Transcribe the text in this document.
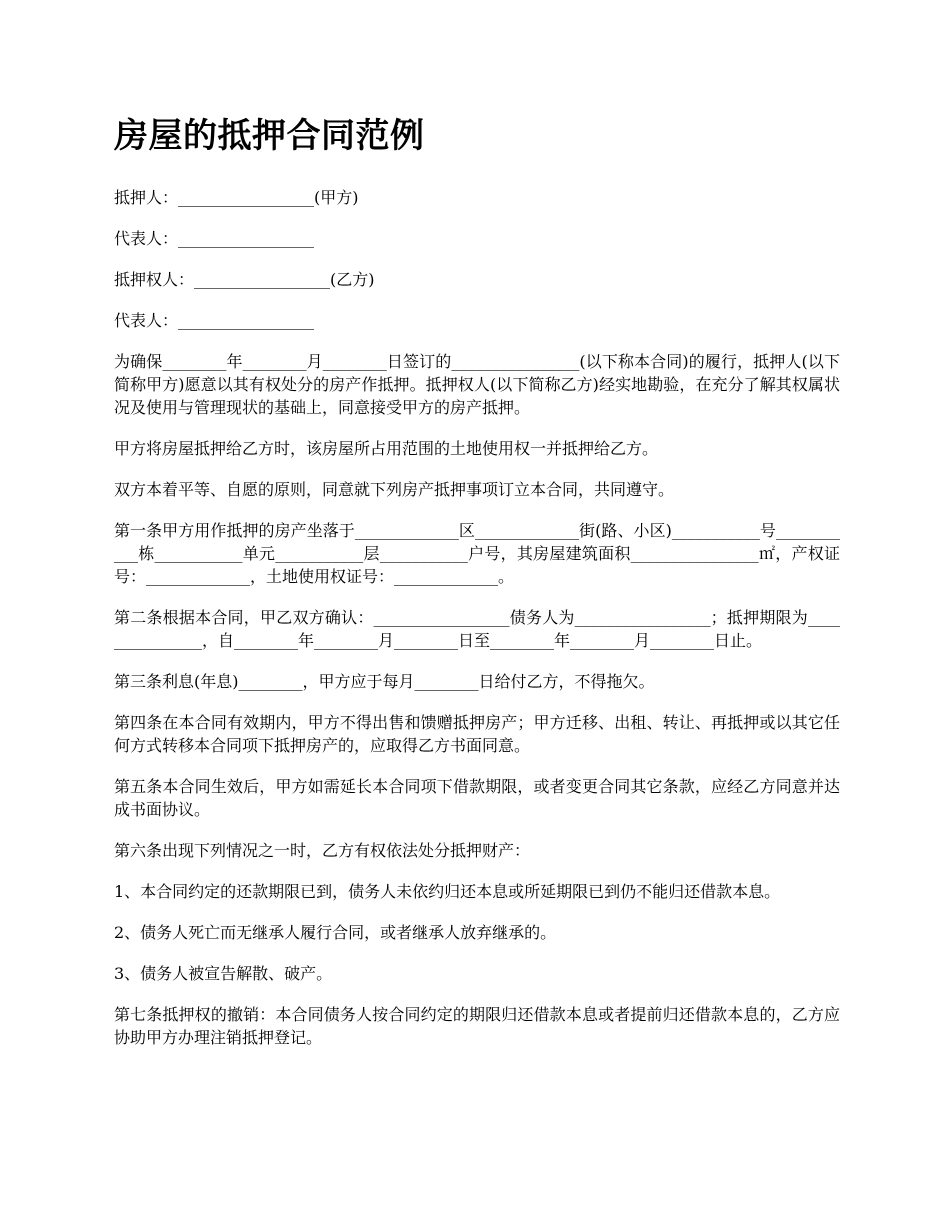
房屋的抵押合同范例

抵押人：_________________(甲方)

代表人：_________________

抵押权人：_________________(乙方)

代表人：_________________

为确保________年________月________日签订的________________(以下称本合同)的履行，抵押人(以下简称甲方)愿意以其有权处分的房产作抵押。抵押权人(以下简称乙方)经实地勘验，在充分了解其权属状况及使用与管理现状的基础上，同意接受甲方的房产抵押。

甲方将房屋抵押给乙方时，该房屋所占用范围的土地使用权一并抵押给乙方。

双方本着平等、自愿的原则，同意就下列房产抵押事项订立本合同，共同遵守。

第一条甲方用作抵押的房产坐落于_____________区_____________街(路、小区)___________号___________栋___________单元___________层___________户号，其房屋建筑面积________________㎡，产权证号：_____________，土地使用权证号：_____________。

第二条根据本合同，甲乙双方确认：_________________债务人为_________________；抵押期限为_______________，自________年________月________日至________年________月________日止。

第三条利息(年息)________，甲方应于每月________日给付乙方，不得拖欠。

第四条在本合同有效期内，甲方不得出售和馈赠抵押房产；甲方迁移、出租、转让、再抵押或以其它任何方式转移本合同项下抵押房产的，应取得乙方书面同意。

第五条本合同生效后，甲方如需延长本合同项下借款期限，或者变更合同其它条款，应经乙方同意并达成书面协议。

第六条出现下列情况之一时，乙方有权依法处分抵押财产：

1、本合同约定的还款期限已到，债务人未依约归还本息或所延期限已到仍不能归还借款本息。

2、债务人死亡而无继承人履行合同，或者继承人放弃继承的。

3、债务人被宣告解散、破产。

第七条抵押权的撤销：本合同债务人按合同约定的期限归还借款本息或者提前归还借款本息的，乙方应协助甲方办理注销抵押登记。
